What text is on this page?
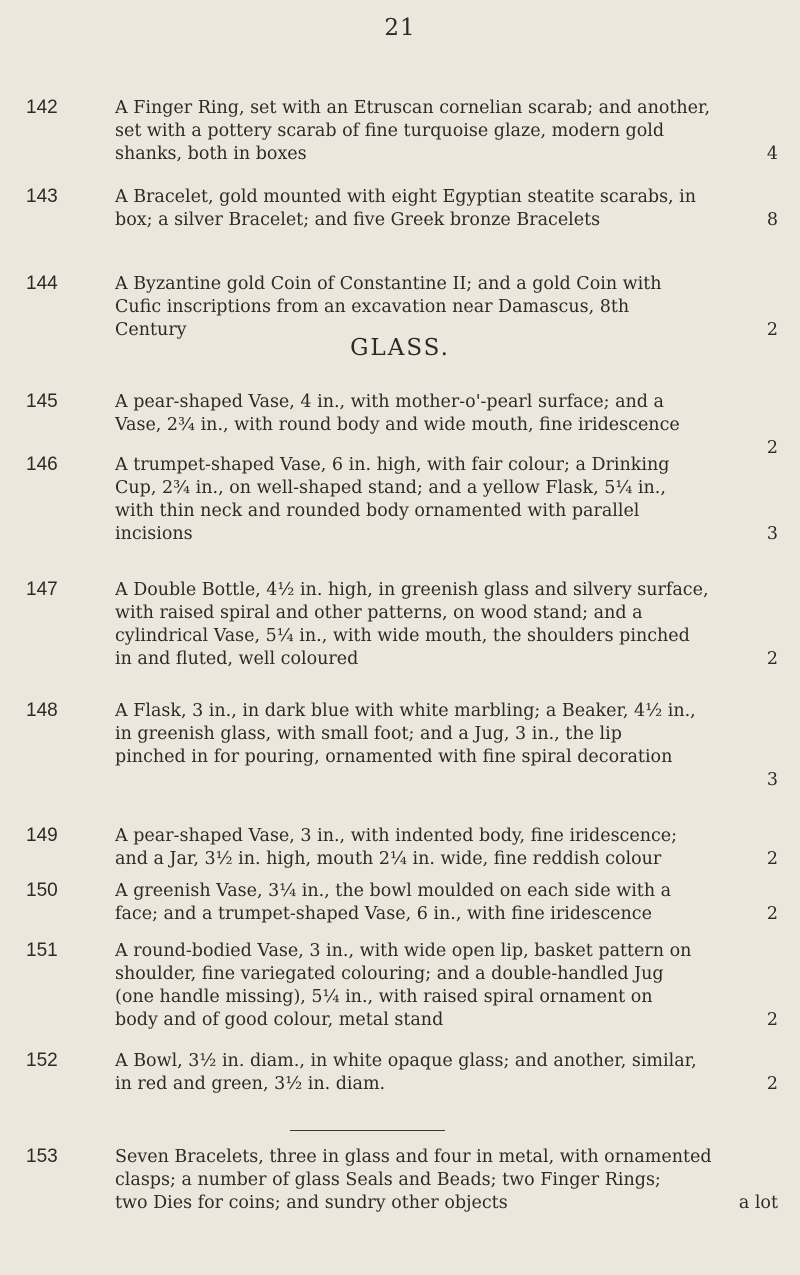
21
GLASS.
142	A Finger Ring, set with an Etruscan cornelian scarab; and another,
set with a pottery scarab of fine turquoise glaze, modern gold
shanks, both in boxes	4
143	A Bracelet, gold mounted with eight Egyptian steatite scarabs, in
box; a silver Bracelet; and five Greek bronze Bracelets	8
144	A Byzantine gold Coin of Constantine II; and a gold Coin with
Cufic inscriptions from an excavation near Damascus, 8th
Century	2
145	A pear-shaped Vase, 4 in., with mother-o'-pearl surface; and a
Vase, 2¾ in., with round body and wide mouth, fine iridescence
2
146	A trumpet-shaped Vase, 6 in. high, with fair colour; a Drinking
Cup, 2¾ in., on well-shaped stand; and a yellow Flask, 5¼ in.,
with thin neck and rounded body ornamented with parallel
incisions	3
147	A Double Bottle, 4½ in. high, in greenish glass and silvery surface,
with raised spiral and other patterns, on wood stand; and a
cylindrical Vase, 5¼ in., with wide mouth, the shoulders pinched
in and fluted, well coloured	2
148	A Flask, 3 in., in dark blue with white marbling; a Beaker, 4½ in.,
in greenish glass, with small foot; and a Jug, 3 in., the lip
pinched in for pouring, ornamented with fine spiral decoration
3
149	A pear-shaped Vase, 3 in., with indented body, fine iridescence;
and a Jar, 3½ in. high, mouth 2¼ in. wide, fine reddish colour	2
150	A greenish Vase, 3¼ in., the bowl moulded on each side with a
face; and a trumpet-shaped Vase, 6 in., with fine iridescence	2
151	A round-bodied Vase, 3 in., with wide open lip, basket pattern on
shoulder, fine variegated colouring; and a double-handled Jug
(one handle missing), 5¼ in., with raised spiral ornament on
body and of good colour, metal stand	2
152	A Bowl, 3½ in. diam., in white opaque glass; and another, similar,
in red and green, 3½ in. diam.	2
153	Seven Bracelets, three in glass and four in metal, with ornamented
clasps; a number of glass Seals and Beads; two Finger Rings;
two Dies for coins; and sundry other objects	a lot
